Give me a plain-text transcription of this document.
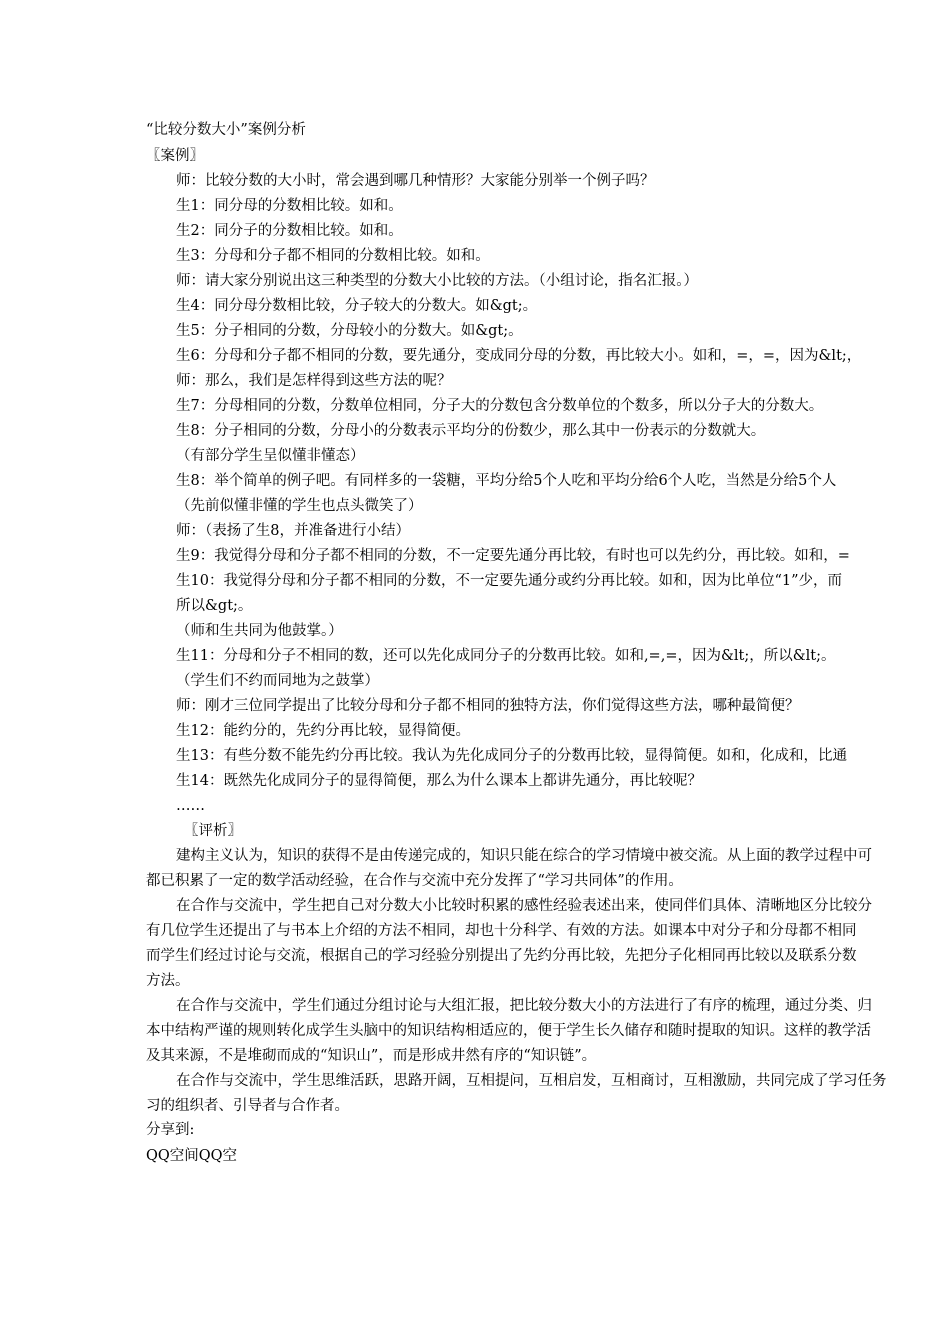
“比较分数大小”案例分析
〖案例〗
师：比较分数的大小时，常会遇到哪几种情形？大家能分别举一个例子吗？
生1：同分母的分数相比较。如和。
生2：同分子的分数相比较。如和。
生3：分母和分子都不相同的分数相比较。如和。
师：请大家分别说出这三种类型的分数大小比较的方法。（小组讨论，指名汇报。）
生4：同分母分数相比较，分子较大的分数大。如&gt;。
生5：分子相同的分数，分母较小的分数大。如&gt;。
生6：分母和分子都不相同的分数，要先通分，变成同分母的分数，再比较大小。如和，=，=，因为&lt;，
师：那么，我们是怎样得到这些方法的呢？
生7：分母相同的分数，分数单位相同，分子大的分数包含分数单位的个数多，所以分子大的分数大。
生8：分子相同的分数，分母小的分数表示平均分的份数少，那么其中一份表示的分数就大。
（有部分学生呈似懂非懂态）
生8：举个简单的例子吧。有同样多的一袋糖，平均分给5个人吃和平均分给6个人吃，当然是分给5个人
（先前似懂非懂的学生也点头微笑了）
师：（表扬了生8，并准备进行小结）
生9：我觉得分母和分子都不相同的分数，不一定要先通分再比较，有时也可以先约分，再比较。如和，=
生10：我觉得分母和分子都不相同的分数，不一定要先通分或约分再比较。如和，因为比单位“1”少，而
所以&gt;。
（师和生共同为他鼓掌。）
生11：分母和分子不相同的数，还可以先化成同分子的分数再比较。如和,=,=，因为&lt;，所以&lt;。
（学生们不约而同地为之鼓掌）
师：刚才三位同学提出了比较分母和分子都不相同的独特方法，你们觉得这些方法，哪种最简便？
生12：能约分的，先约分再比较，显得简便。
生13：有些分数不能先约分再比较。我认为先化成同分子的分数再比较，显得简便。如和，化成和，比通
生14：既然先化成同分子的显得简便，那么为什么课本上都讲先通分，再比较呢？
……
〖评析〗
建构主义认为，知识的获得不是由传递完成的，知识只能在综合的学习情境中被交流。从上面的教学过程中可
都已积累了一定的数学活动经验，在合作与交流中充分发挥了“学习共同体”的作用。
在合作与交流中，学生把自己对分数大小比较时积累的感性经验表述出来，使同伴们具体、清晰地区分比较分
有几位学生还提出了与书本上介绍的方法不相同，却也十分科学、有效的方法。如课本中对分子和分母都不相同
而学生们经过讨论与交流，根据自己的学习经验分别提出了先约分再比较，先把分子化相同再比较以及联系分数
方法。
在合作与交流中，学生们通过分组讨论与大组汇报，把比较分数大小的方法进行了有序的梳理，通过分类、归
本中结构严谨的规则转化成学生头脑中的知识结构相适应的，便于学生长久储存和随时提取的知识。这样的教学活
及其来源，不是堆砌而成的“知识山”，而是形成井然有序的“知识链”。
在合作与交流中，学生思维活跃，思路开阔，互相提问，互相启发，互相商讨，互相激励，共同完成了学习任务
习的组织者、引导者与合作者。
分享到:
QQ空间QQ空
